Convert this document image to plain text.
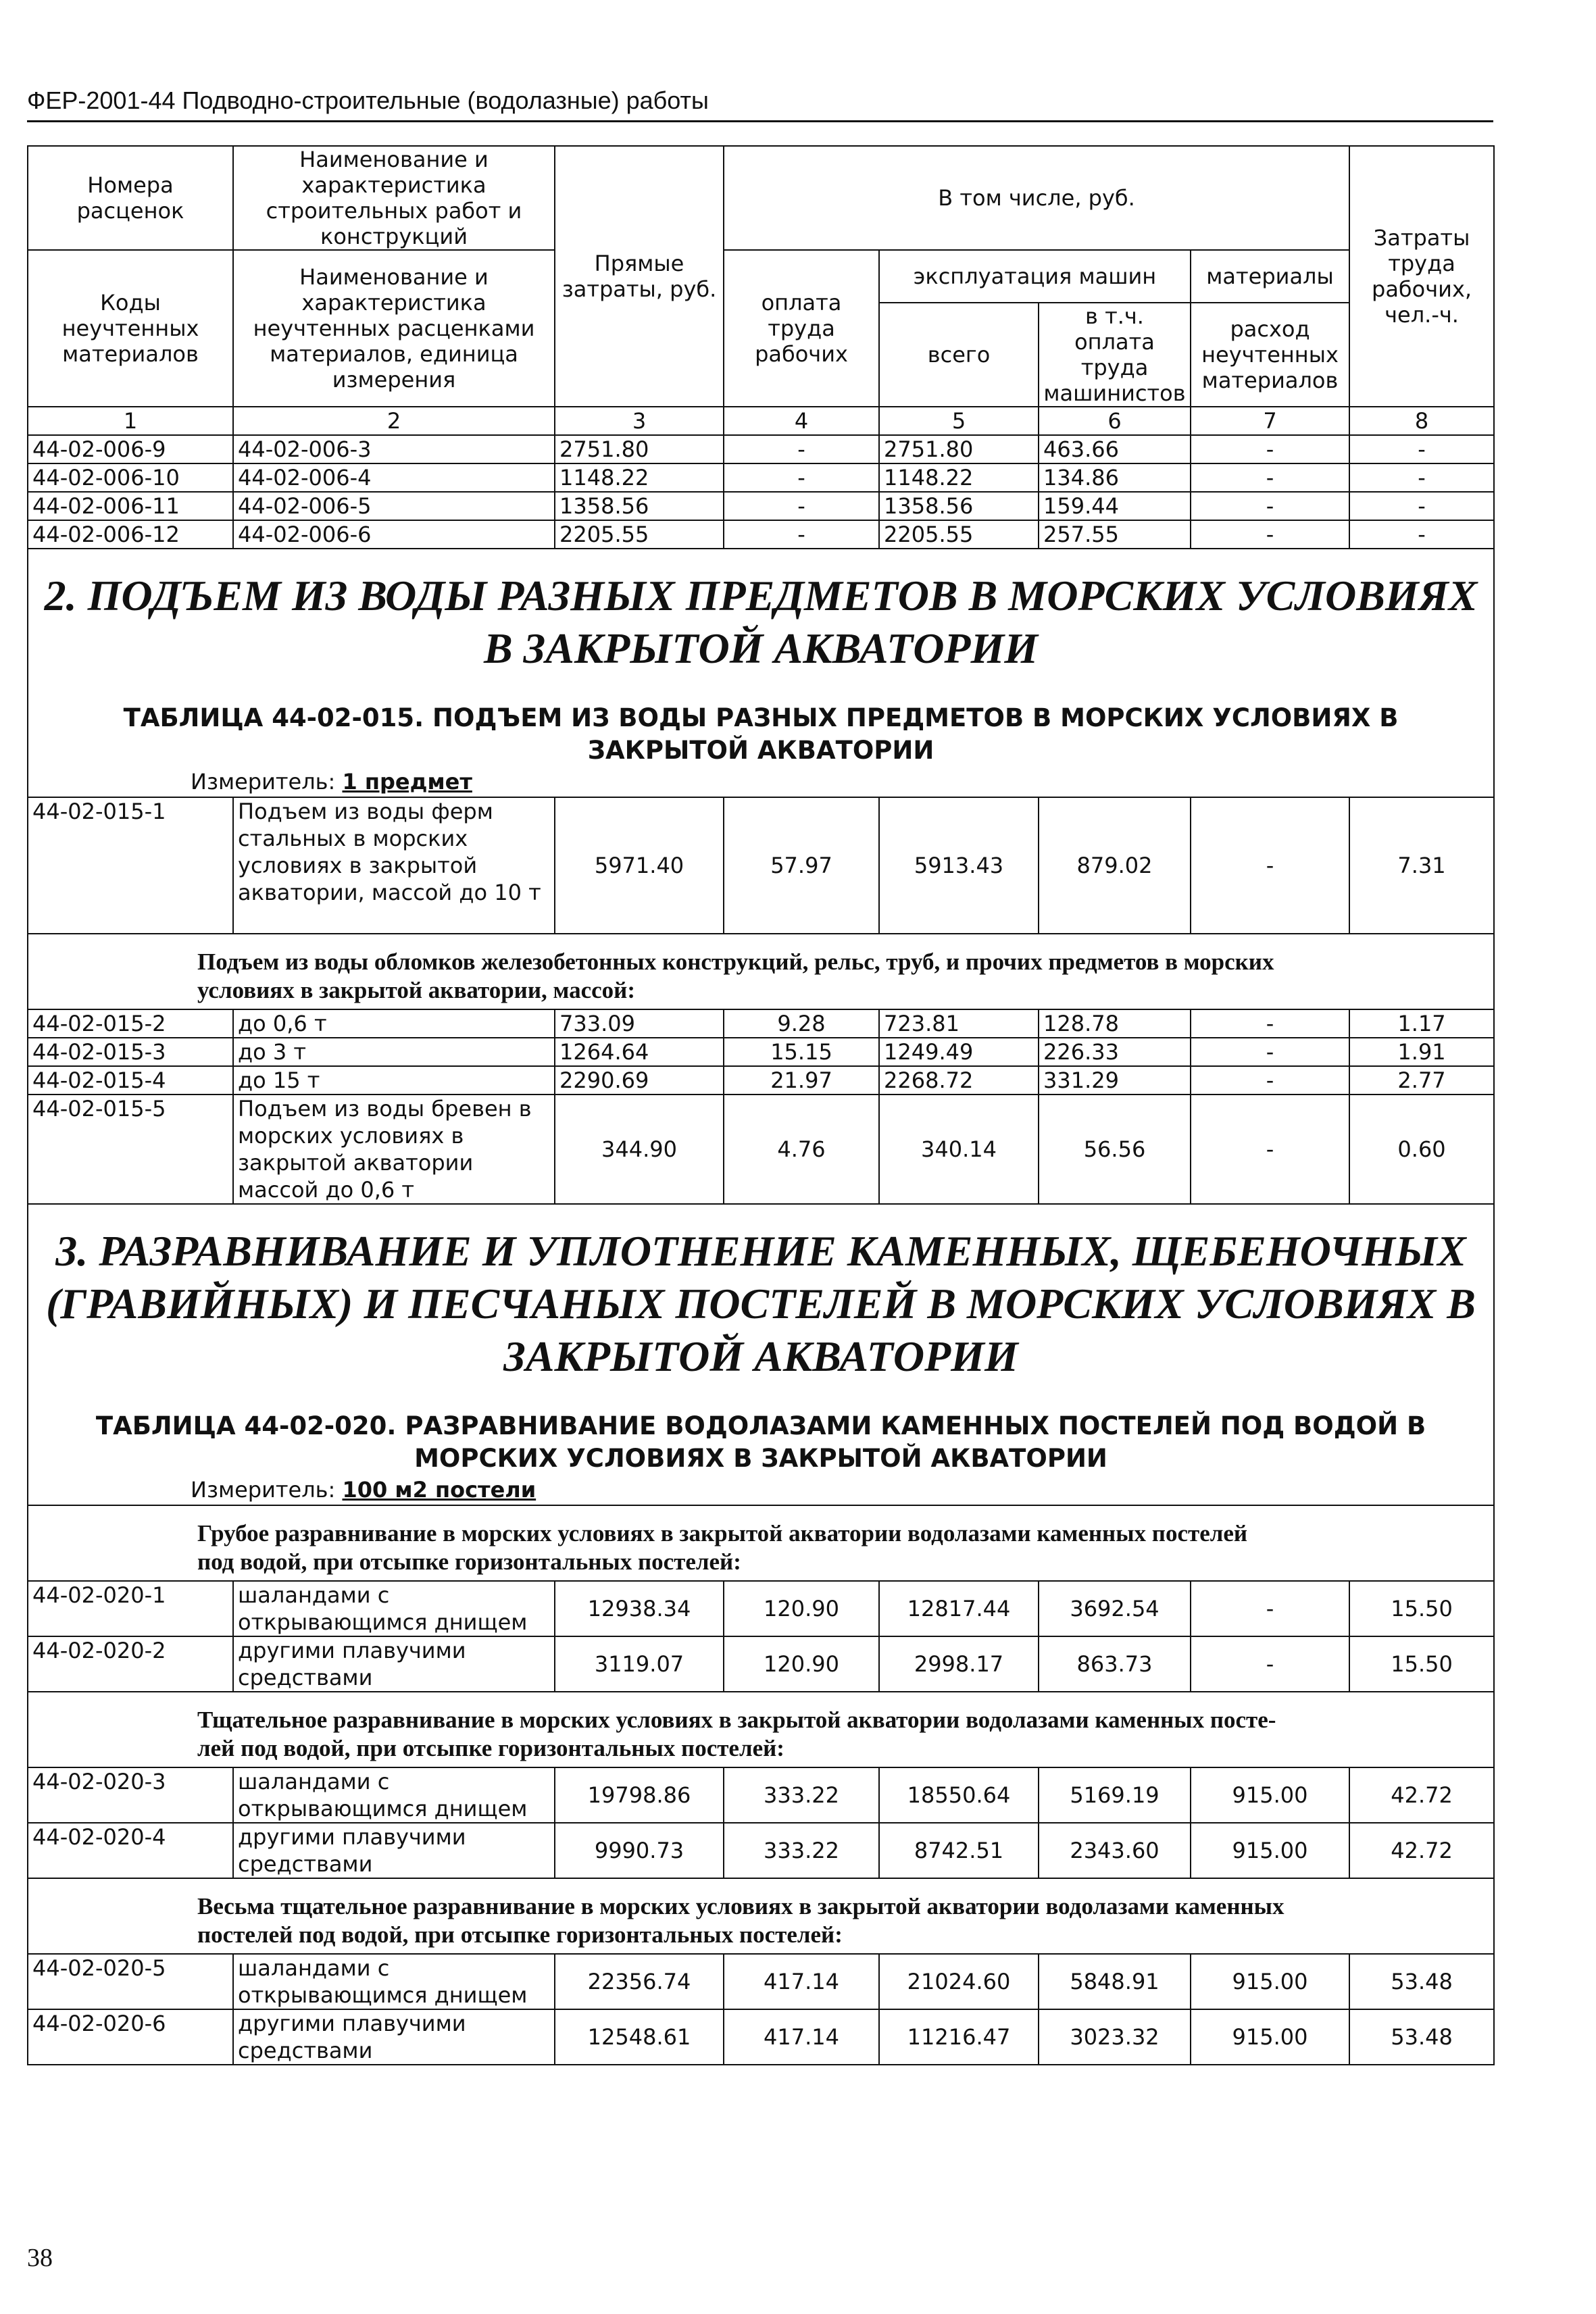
ФЕР-2001-44 Подводно-строительные (водолазные) работы
Номера расценок	Наименование и характеристика строительных работ и конструкций	Прямые затраты, руб.	В том числе, руб.				Затраты труда рабочих, чел.-ч.
Коды неучтенных материалов	Наименование и характеристика неучтенных расценками материалов, единица измерения		оплата труда рабочих	эксплуатация машин		материалы	
				всего	в т.ч. оплата труда машинистов	расход неучтенных материалов	
1	2	3	4	5	6	7	8
44-02-006-9	44-02-006-3	2751.80	-	2751.80	463.66	-	-
44-02-006-10	44-02-006-4	1148.22	-	1148.22	134.86	-	-
44-02-006-11	44-02-006-5	1358.56	-	1358.56	159.44	-	-
44-02-006-12	44-02-006-6	2205.55	-	2205.55	257.55	-	-

2. ПОДЪЕМ ИЗ ВОДЫ РАЗНЫХ ПРЕДМЕТОВ В МОРСКИХ УСЛОВИЯХ В ЗАКРЫТОЙ АКВАТОРИИ
ТАБЛИЦА 44-02-015. ПОДЪЕМ ИЗ ВОДЫ РАЗНЫХ ПРЕДМЕТОВ В МОРСКИХ УСЛОВИЯХ В ЗАКРЫТОЙ АКВАТОРИИ
Измеритель: 1 предмет							

44-02-015-1	Подъем из воды ферм стальных в морских условиях в закрытой акватории, массой до 10 т	5971.40	57.97	5913.43	879.02	-	7.31

Подъем из воды обломков железобетонных конструкций, рельс, труб, и прочих предметов в морских
условиях в закрытой акватории, массой:							

44-02-015-2	до 0,6 т	733.09	9.28	723.81	128.78	-	1.17
44-02-015-3	до 3 т	1264.64	15.15	1249.49	226.33	-	1.91
44-02-015-4	до 15 т	2290.69	21.97	2268.72	331.29	-	2.77
44-02-015-5	Подъем из воды бревен в морских условиях в закрытой акватории массой до 0,6 т	344.90	4.76	340.14	56.56	-	0.60

3. РАЗРАВНИВАНИЕ И УПЛОТНЕНИЕ КАМЕННЫХ, ЩЕБЕНОЧНЫХ (ГРАВИЙНЫХ) И ПЕСЧАНЫХ ПОСТЕЛЕЙ В МОРСКИХ УСЛОВИЯХ В ЗАКРЫТОЙ АКВАТОРИИ
ТАБЛИЦА 44-02-020. РАЗРАВНИВАНИЕ ВОДОЛАЗАМИ КАМЕННЫХ ПОСТЕЛЕЙ ПОД ВОДОЙ В МОРСКИХ УСЛОВИЯХ В ЗАКРЫТОЙ АКВАТОРИИ
Измеритель: 100 м2 постели							

Грубое разравнивание в морских условиях в закрытой акватории водолазами каменных постелей
под водой, при отсыпке горизонтальных постелей:							

44-02-020-1	шаландами с открывающимся днищем	12938.34	120.90	12817.44	3692.54	-	15.50
44-02-020-2	другими плавучими средствами	3119.07	120.90	2998.17	863.73	-	15.50

Тщательное разравнивание в морских условиях в закрытой акватории водолазами каменных посте-
лей под водой, при отсыпке горизонтальных постелей:							

44-02-020-3	шаландами с открывающимся днищем	19798.86	333.22	18550.64	5169.19	915.00	42.72
44-02-020-4	другими плавучими средствами	9990.73	333.22	8742.51	2343.60	915.00	42.72

Весьма тщательное разравнивание в морских условиях в закрытой акватории водолазами каменных
постелей под водой, при отсыпке горизонтальных постелей:							

44-02-020-5	шаландами с открывающимся днищем	22356.74	417.14	21024.60	5848.91	915.00	53.48
44-02-020-6	другими плавучими средствами	12548.61	417.14	11216.47	3023.32	915.00	53.48
38
